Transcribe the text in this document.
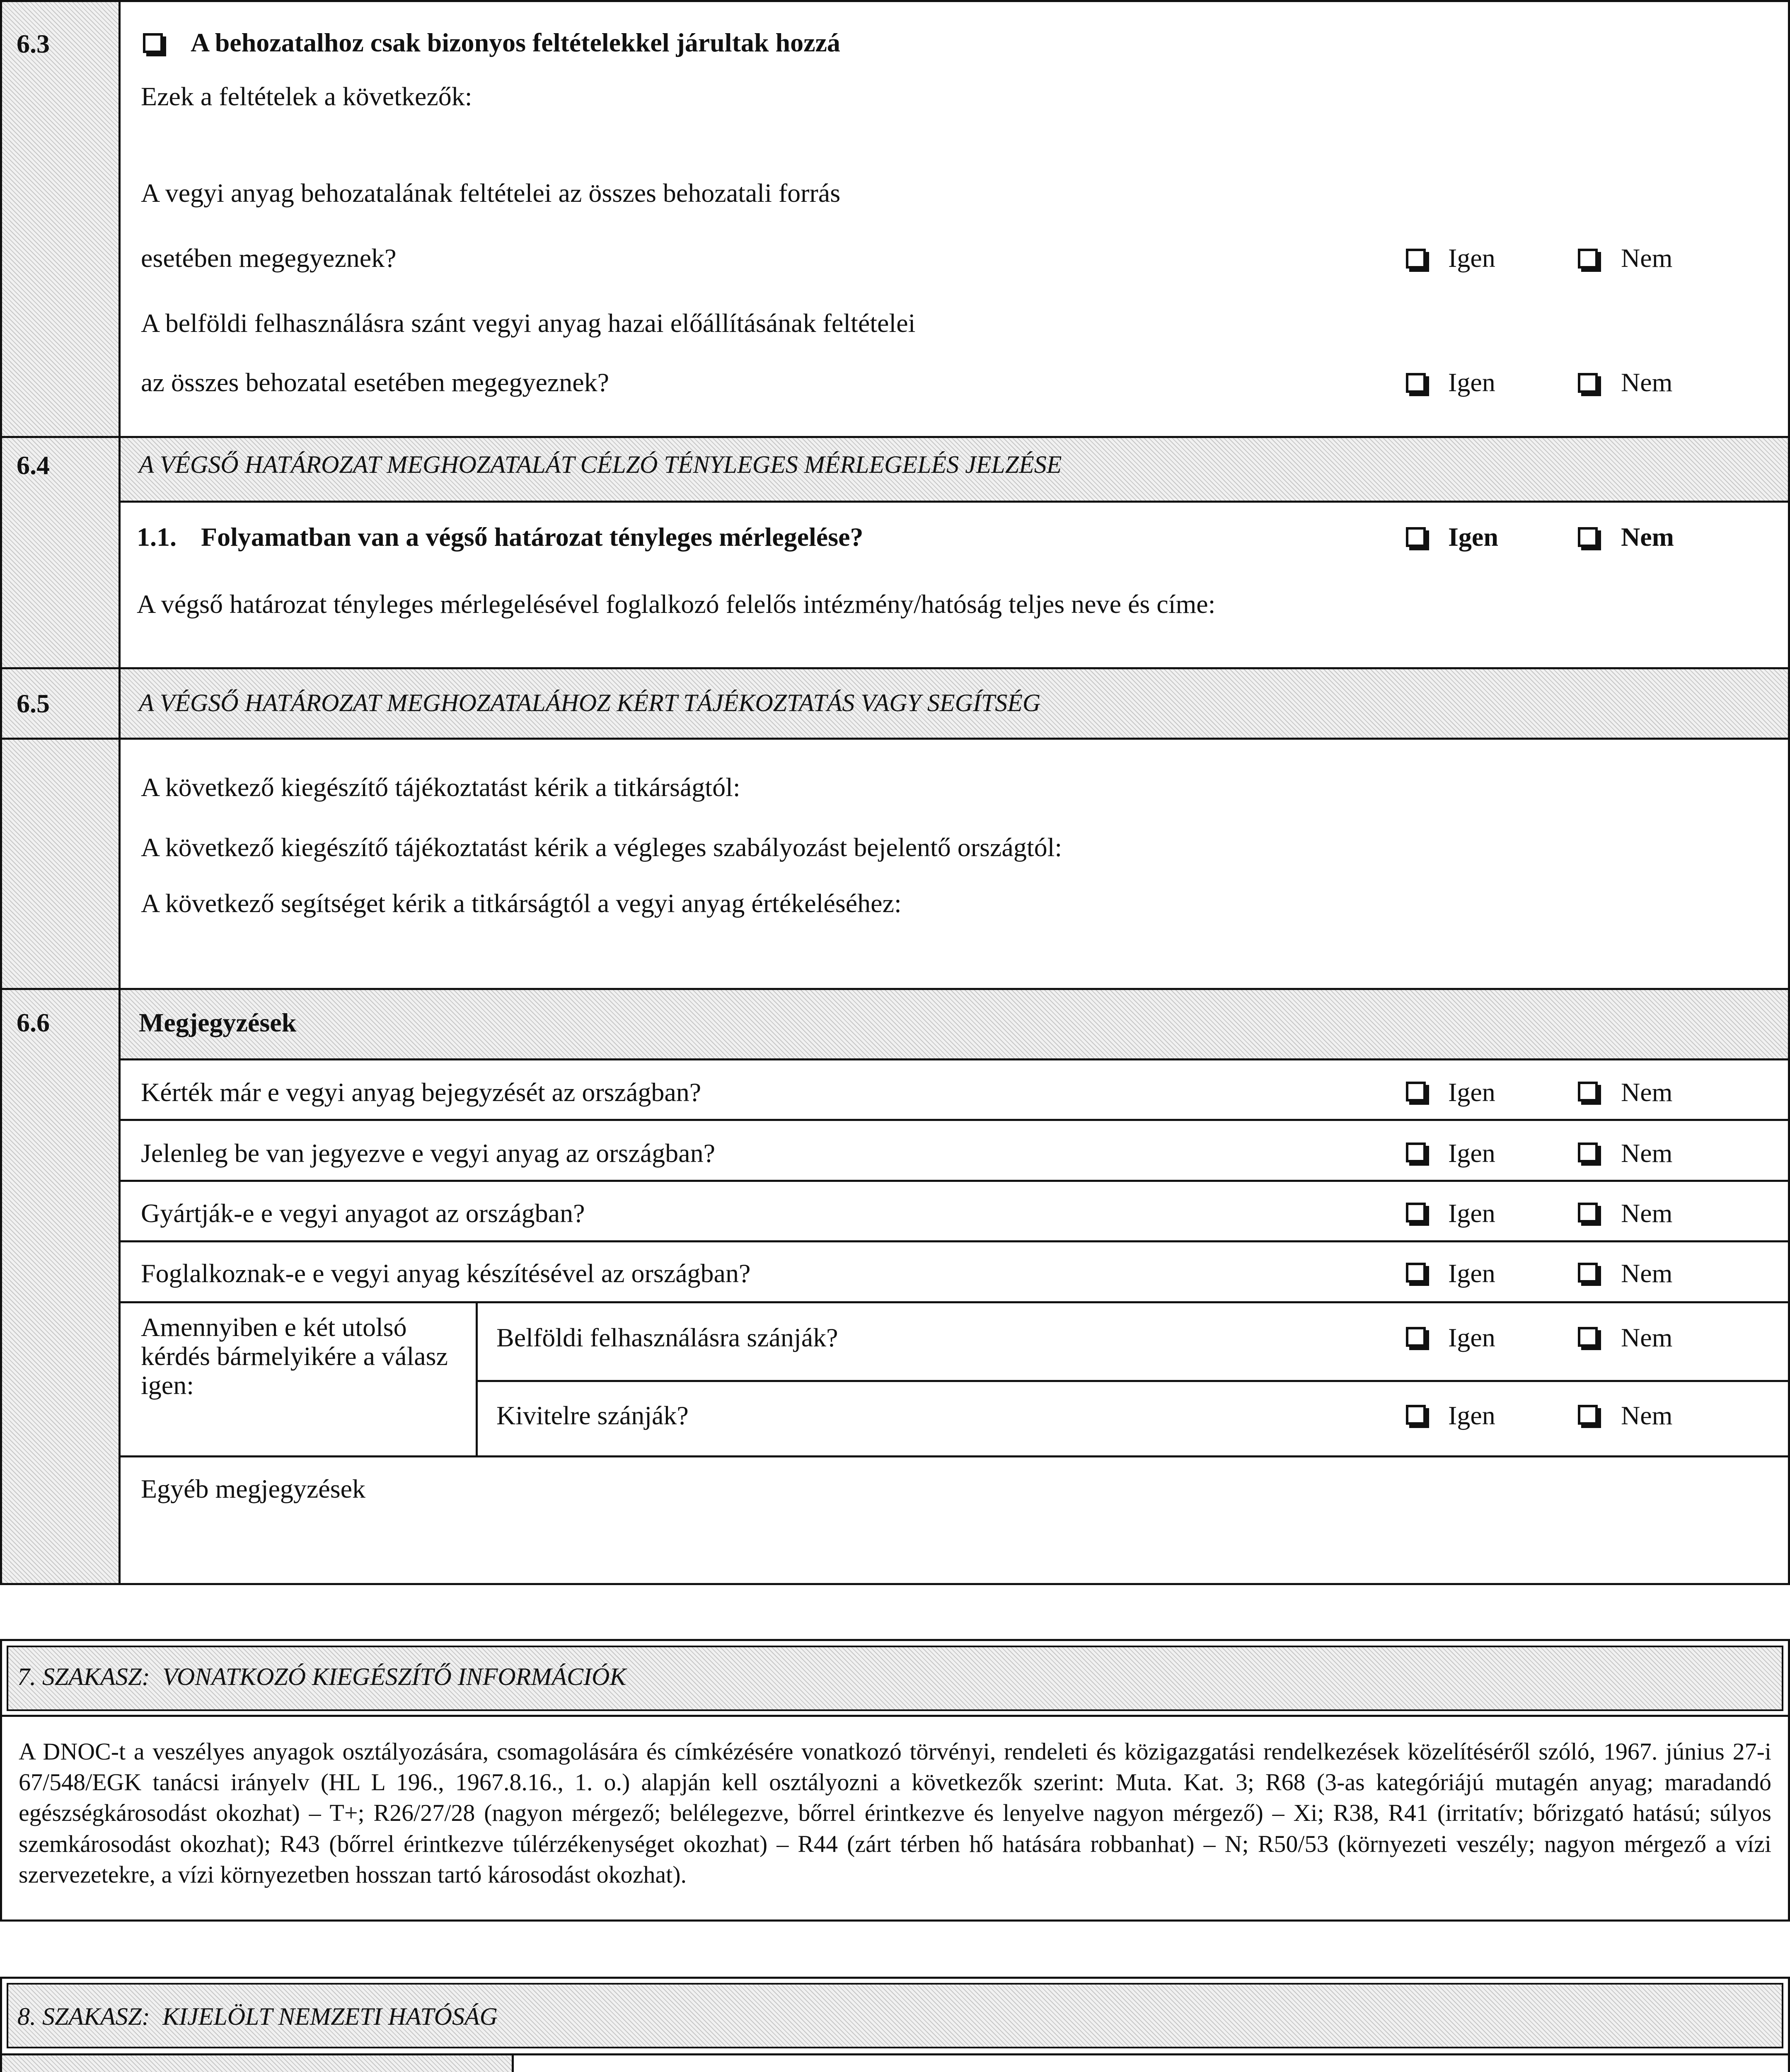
6.3	A behozatalhoz csak bizonyos feltételekkel járultak hozzá
Ezek a feltételek a következők:
A vegyi anyag behozatalának feltételei az összes behozatali forrás
esetében megegyeznek?	Igen	Nem
A belföldi felhasználásra szánt vegyi anyag hazai előállításának feltételei
az összes behozatal esetében megegyeznek?	Igen	Nem
6.4	A VÉGSŐ HATÁROZAT MEGHOZATALÁT CÉLZÓ TÉNYLEGES MÉRLEGELÉS JELZÉSE
1.1. Folyamatban van a végső határozat tényleges mérlegelése?	Igen	Nem
A végső határozat tényleges mérlegelésével foglalkozó felelős intézmény/hatóság teljes neve és címe:
6.5	A VÉGSŐ HATÁROZAT MEGHOZATALÁHOZ KÉRT TÁJÉKOZTATÁS VAGY SEGÍTSÉG
A következő kiegészítő tájékoztatást kérik a titkárságtól:
A következő kiegészítő tájékoztatást kérik a végleges szabályozást bejelentő országtól:
A következő segítséget kérik a titkárságtól a vegyi anyag értékeléséhez:
6.6	Megjegyzések
Kérték már e vegyi anyag bejegyzését az országban?	Igen	Nem
Jelenleg be van jegyezve e vegyi anyag az országban?	Igen	Nem
Gyártják-e e vegyi anyagot az országban?	Igen	Nem
Foglalkoznak-e e vegyi anyag készítésével az országban?	Igen	Nem
Amennyiben e két utolsó
kérdés bármelyikére a válasz
igen:
Belföldi felhasználásra szánják?	Igen	Nem
Kivitelre szánják?	Igen	Nem
Egyéb megjegyzések
7. SZAKASZ:  VONATKOZÓ KIEGÉSZÍTŐ INFORMÁCIÓK
A DNOC-t a veszélyes anyagok osztályozására, csomagolására és címkézésére vonatkozó törvényi, rendeleti és közigazgatási rendelkezések közelítéséről szóló, 1967. június 27-i 67/548/EGK tanácsi irányelv (HL L 196., 1967.8.16., 1. o.) alapján kell osztályozni a következők szerint: Muta. Kat. 3; R68 (3-as kategóriájú mutagén anyag; maradandó egészségkárosodást okozhat) – T+; R26/27/28 (nagyon mérgező; belélegezve, bőrrel érintkezve és lenyelve nagyon mérgező) – Xi; R38, R41 (irritatív; bőrizgató hatású; súlyos szemkárosodást okozhat); R43 (bőrrel érintkezve túlérzékenységet okozhat) – R44 (zárt térben hő hatására robbanhat) – N; R50/53 (környezeti veszély; nagyon mérgező a vízi szervezetekre, a vízi környezetben hosszan tartó károsodást okozhat).
8. SZAKASZ:  KIJELÖLT NEMZETI HATÓSÁG
